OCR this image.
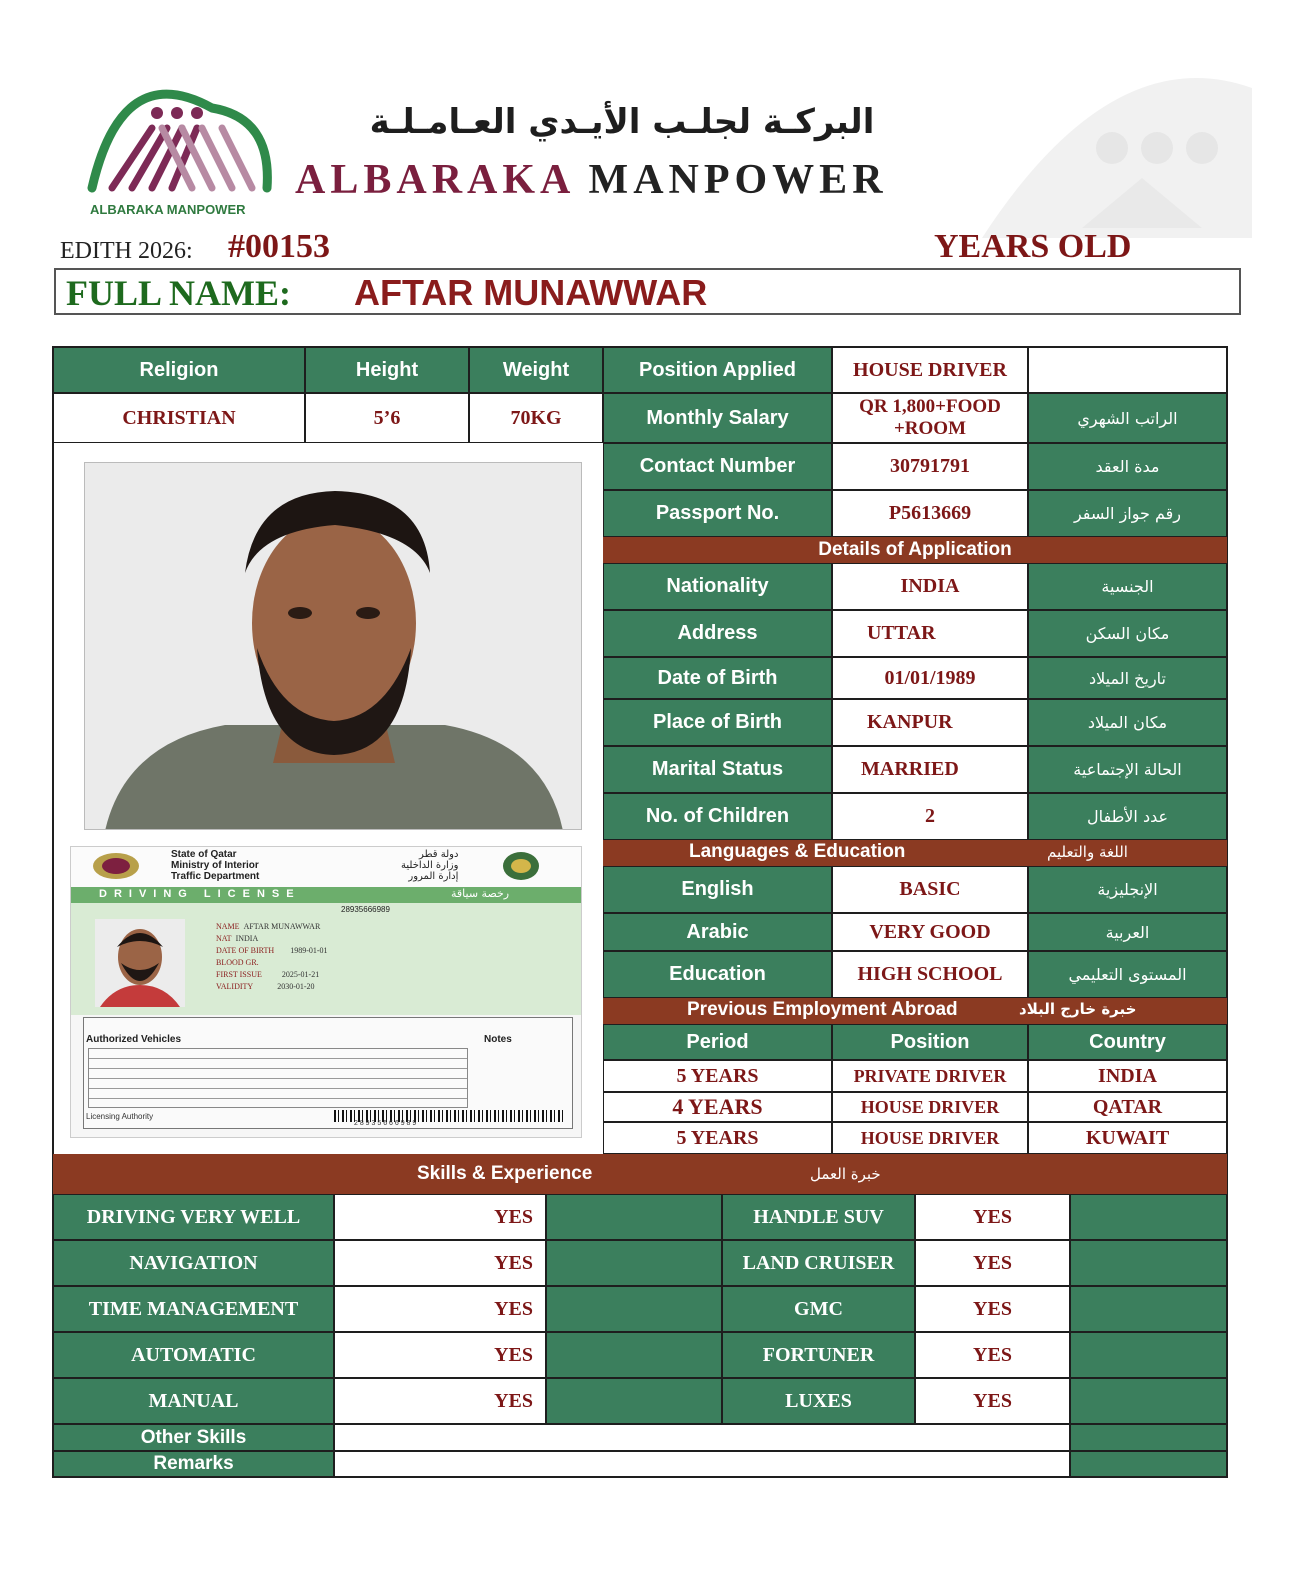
ALBARAKA MANPOWER
البركـة لجلـب الأيـدي العـامـلـة
ALBARAKA MANPOWER
EDITH 2026: #00153	YEARS OLD
FULL NAME: AFTAR MUNAWWAR
Religion	Height	Weight
CHRISTIAN	5’6	70KG
State of Qatar
Ministry of Interior
Traffic Department
دولة قطر
وزارة الداخلية
إدارة المرور
DRIVING LICENSE	رخصة سياقة
28935666989
NAME AFTAR MUNAWWAR
NAT INDIA
DATE OF BIRTH 1989-01-01
BLOOD GR.
FIRST ISSUE	2025-01-21
VALIDITY	2030-01-20
Authorized Vehicles	Notes
Licensing Authority
2 8 9 3 5 6 6 6 9 8 9
Position Applied	HOUSE DRIVER
Monthly Salary	QR 1,800+FOOD +ROOM	الراتب الشهري
Contact Number	30791791	مدة العقد
Passport No.	P5613669	رقم جواز السفر
Details of Application
Nationality	INDIA	الجنسية
Address	UTTAR	مكان السكن
Date of Birth	01/01/1989	تاريخ الميلاد
Place of Birth	KANPUR	مكان الميلاد
Marital Status	MARRIED	الحالة الإجتماعية
No. of Children	2	عدد الأطفال
Languages & Education	اللغة والتعليم
English	BASIC	الإنجليزية
Arabic	VERY GOOD	العربية
Education	HIGH SCHOOL	المستوى التعليمي
Previous Employment Abroad	خبرة خارج البلاد
Period	Position	Country
5 YEARS	PRIVATE DRIVER	INDIA
4 YEARS	HOUSE DRIVER	QATAR
5 YEARS	HOUSE DRIVER	KUWAIT
Skills & Experience	خبرة العمل
DRIVING VERY WELL	YES	HANDLE SUV	YES
NAVIGATION	YES	LAND CRUISER	YES
TIME MANAGEMENT	YES	GMC	YES
AUTOMATIC	YES	FORTUNER	YES
MANUAL	YES	LUXES	YES
Other Skills
Remarks
